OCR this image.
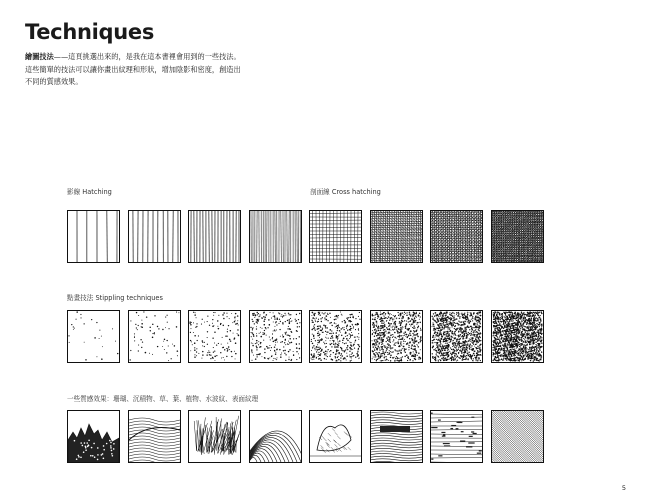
Techniques
繪圖技法——這頁挑選出來的，是我在這本書裡會用到的一些技法。
這些簡單的技法可以讓你畫出紋理和形狀，增加陰影和密度，創造出
不同的質感效果。
影線 Hatching	剖面線 Cross hatching
點畫技法 Stippling techniques
一些質感效果：珊瑚、沉積物、草、葉、植物、水波紋、表面紋理
5
